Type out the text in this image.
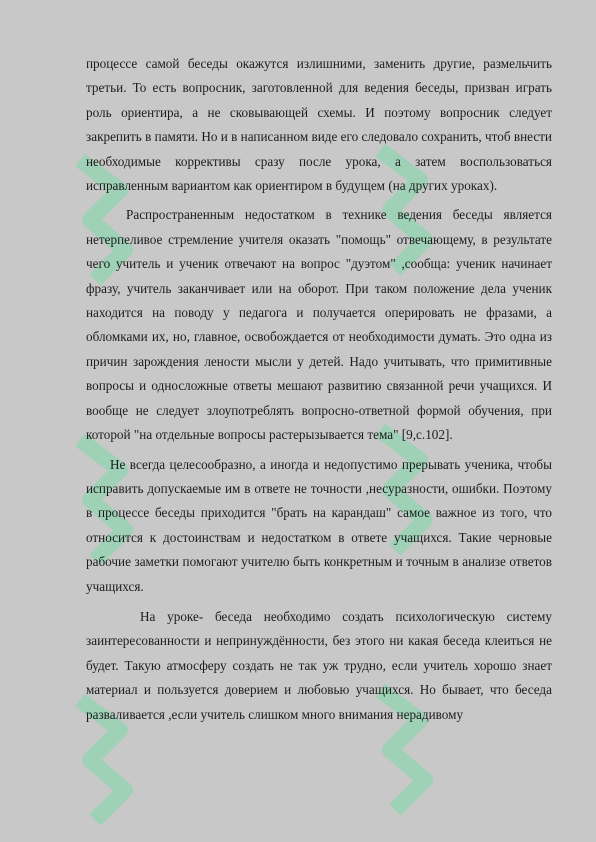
процессе самой беседы окажутся излишними, заменить другие, размельчить третьи. То есть вопросник, заготовленной для ведения беседы, призван играть роль ориентира, а не сковывающей схемы. И поэтому вопросник следует закрепить в памяти. Но и в написанном виде его следовало сохранить, чтоб внести необходимые коррективы сразу после урока, а затем воспользоваться исправленным вариантом как ориентиром в будущем (на других уроках).

Распространенным недостатком в технике ведения беседы является нетерпеливое стремление учителя оказать "помощь" отвечающему, в результате чего учитель и ученик отвечают на вопрос "дуэтом" ,сообща: ученик начинает фразу, учитель заканчивает или на оборот. При таком положение дела ученик находится на поводу у педагога и получается оперировать не фразами, а обломками их, но, главное, освобождается от необходимости думать. Это одна из причин зарождения лености мысли у детей. Надо учитывать, что примитивные вопросы и односложные ответы мешают развитию связанной речи учащихся. И вообще не следует злоупотреблять вопросно-ответной формой обучения, при которой "на отдельные вопросы растерызывается тема" [9,с.102].

Не всегда целесообразно, а иногда и недопустимо прерывать ученика, чтобы исправить допускаемые им в ответе не точности ,несуразности, ошибки. Поэтому в процессе беседы приходится "брать на карандаш" самое важное из того, что относится к достоинствам и недостатком в ответе учащихся. Такие черновые рабочие заметки помогают учителю быть конкретным и точным в анализе ответов учащихся.

На уроке- беседа необходимо создать психологическую систему заинтересованности и непринуждённости, без этого ни какая беседа клеиться не будет. Такую атмосферу создать не так уж трудно, если учитель хорошо знает материал и пользуется доверием и любовью учащихся. Но бывает, что беседа разваливается ,если учитель слишком много внимания нерадивому
